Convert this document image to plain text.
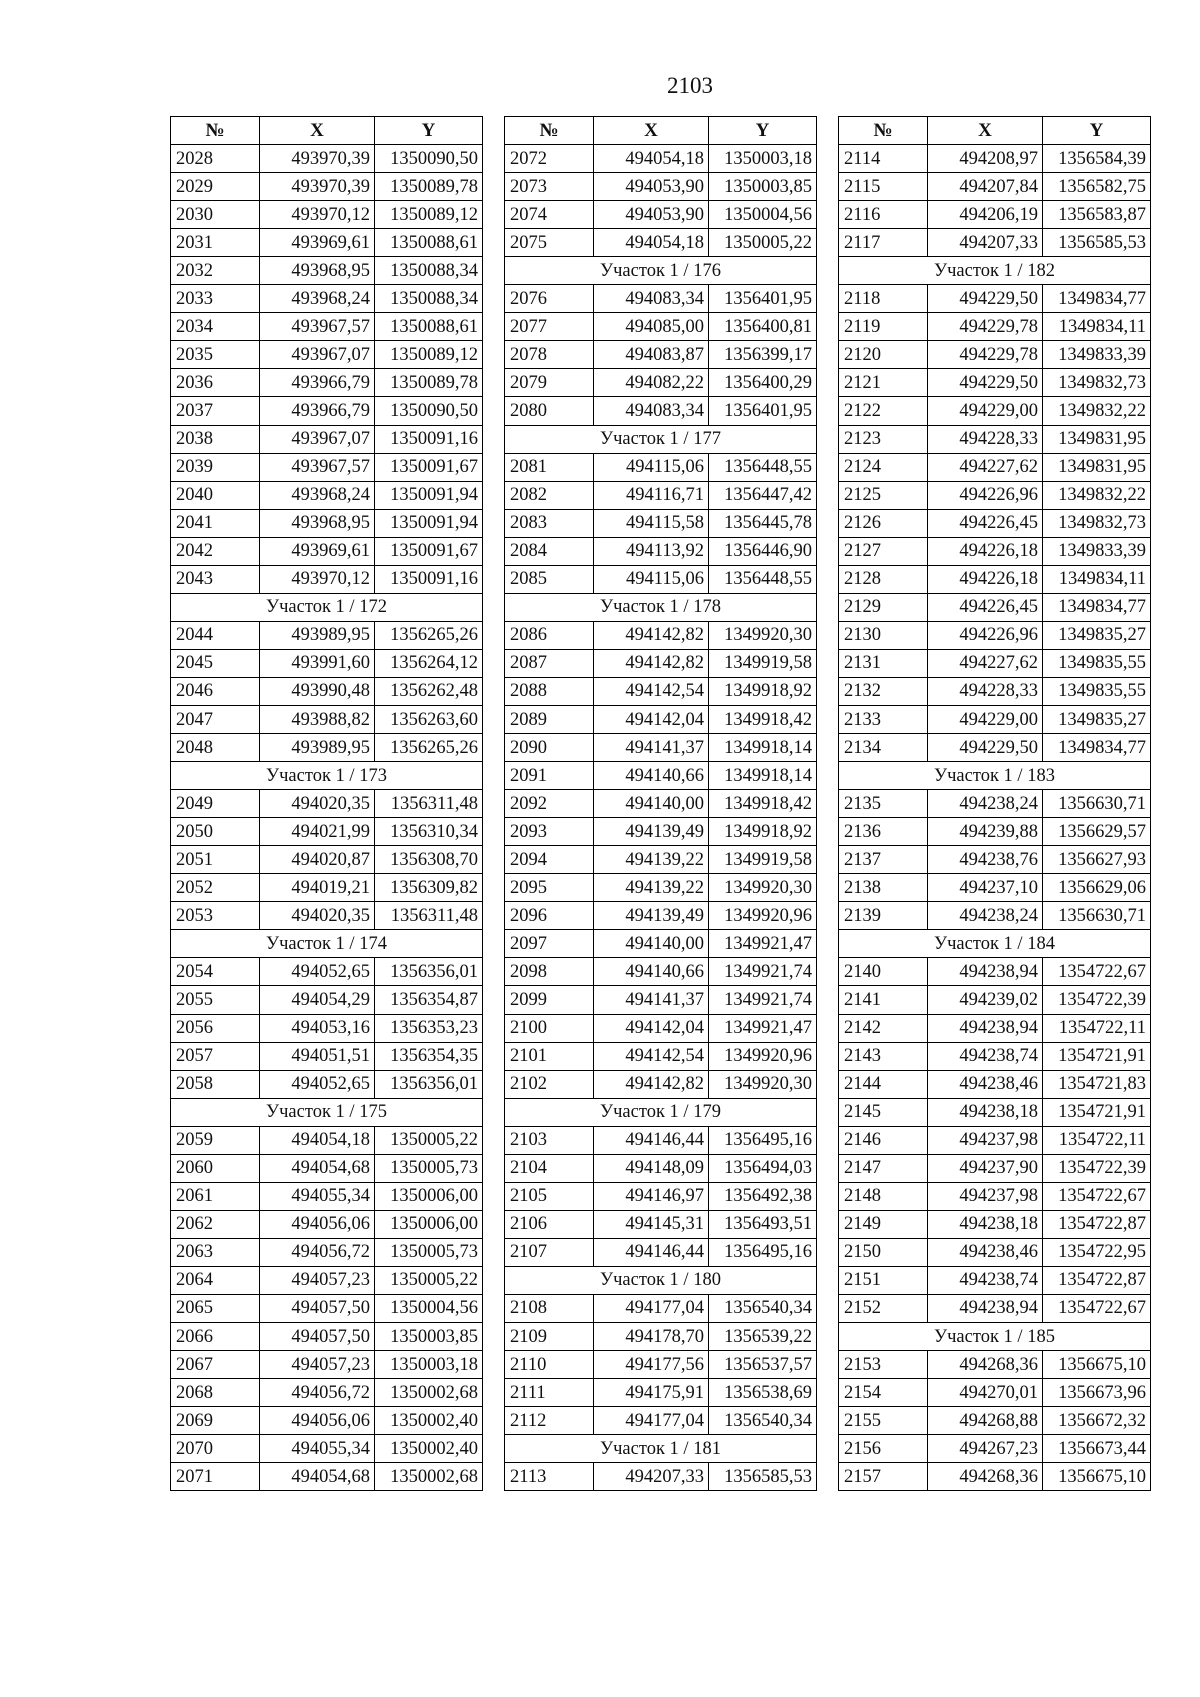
2103
№	X	Y
2028	493970,39	1350090,50
2029	493970,39	1350089,78
2030	493970,12	1350089,12
2031	493969,61	1350088,61
2032	493968,95	1350088,34
2033	493968,24	1350088,34
2034	493967,57	1350088,61
2035	493967,07	1350089,12
2036	493966,79	1350089,78
2037	493966,79	1350090,50
2038	493967,07	1350091,16
2039	493967,57	1350091,67
2040	493968,24	1350091,94
2041	493968,95	1350091,94
2042	493969,61	1350091,67
2043	493970,12	1350091,16
Участок 1 / 172		
2044	493989,95	1356265,26
2045	493991,60	1356264,12
2046	493990,48	1356262,48
2047	493988,82	1356263,60
2048	493989,95	1356265,26
Участок 1 / 173		
2049	494020,35	1356311,48
2050	494021,99	1356310,34
2051	494020,87	1356308,70
2052	494019,21	1356309,82
2053	494020,35	1356311,48
Участок 1 / 174		
2054	494052,65	1356356,01
2055	494054,29	1356354,87
2056	494053,16	1356353,23
2057	494051,51	1356354,35
2058	494052,65	1356356,01
Участок 1 / 175		
2059	494054,18	1350005,22
2060	494054,68	1350005,73
2061	494055,34	1350006,00
2062	494056,06	1350006,00
2063	494056,72	1350005,73
2064	494057,23	1350005,22
2065	494057,50	1350004,56
2066	494057,50	1350003,85
2067	494057,23	1350003,18
2068	494056,72	1350002,68
2069	494056,06	1350002,40
2070	494055,34	1350002,40
2071	494054,68	1350002,68
№	X	Y
2072	494054,18	1350003,18
2073	494053,90	1350003,85
2074	494053,90	1350004,56
2075	494054,18	1350005,22
Участок 1 / 176		
2076	494083,34	1356401,95
2077	494085,00	1356400,81
2078	494083,87	1356399,17
2079	494082,22	1356400,29
2080	494083,34	1356401,95
Участок 1 / 177		
2081	494115,06	1356448,55
2082	494116,71	1356447,42
2083	494115,58	1356445,78
2084	494113,92	1356446,90
2085	494115,06	1356448,55
Участок 1 / 178		
2086	494142,82	1349920,30
2087	494142,82	1349919,58
2088	494142,54	1349918,92
2089	494142,04	1349918,42
2090	494141,37	1349918,14
2091	494140,66	1349918,14
2092	494140,00	1349918,42
2093	494139,49	1349918,92
2094	494139,22	1349919,58
2095	494139,22	1349920,30
2096	494139,49	1349920,96
2097	494140,00	1349921,47
2098	494140,66	1349921,74
2099	494141,37	1349921,74
2100	494142,04	1349921,47
2101	494142,54	1349920,96
2102	494142,82	1349920,30
Участок 1 / 179		
2103	494146,44	1356495,16
2104	494148,09	1356494,03
2105	494146,97	1356492,38
2106	494145,31	1356493,51
2107	494146,44	1356495,16
Участок 1 / 180		
2108	494177,04	1356540,34
2109	494178,70	1356539,22
2110	494177,56	1356537,57
2111	494175,91	1356538,69
2112	494177,04	1356540,34
Участок 1 / 181		
2113	494207,33	1356585,53
№	X	Y
2114	494208,97	1356584,39
2115	494207,84	1356582,75
2116	494206,19	1356583,87
2117	494207,33	1356585,53
Участок 1 / 182		
2118	494229,50	1349834,77
2119	494229,78	1349834,11
2120	494229,78	1349833,39
2121	494229,50	1349832,73
2122	494229,00	1349832,22
2123	494228,33	1349831,95
2124	494227,62	1349831,95
2125	494226,96	1349832,22
2126	494226,45	1349832,73
2127	494226,18	1349833,39
2128	494226,18	1349834,11
2129	494226,45	1349834,77
2130	494226,96	1349835,27
2131	494227,62	1349835,55
2132	494228,33	1349835,55
2133	494229,00	1349835,27
2134	494229,50	1349834,77
Участок 1 / 183		
2135	494238,24	1356630,71
2136	494239,88	1356629,57
2137	494238,76	1356627,93
2138	494237,10	1356629,06
2139	494238,24	1356630,71
Участок 1 / 184		
2140	494238,94	1354722,67
2141	494239,02	1354722,39
2142	494238,94	1354722,11
2143	494238,74	1354721,91
2144	494238,46	1354721,83
2145	494238,18	1354721,91
2146	494237,98	1354722,11
2147	494237,90	1354722,39
2148	494237,98	1354722,67
2149	494238,18	1354722,87
2150	494238,46	1354722,95
2151	494238,74	1354722,87
2152	494238,94	1354722,67
Участок 1 / 185		
2153	494268,36	1356675,10
2154	494270,01	1356673,96
2155	494268,88	1356672,32
2156	494267,23	1356673,44
2157	494268,36	1356675,10
